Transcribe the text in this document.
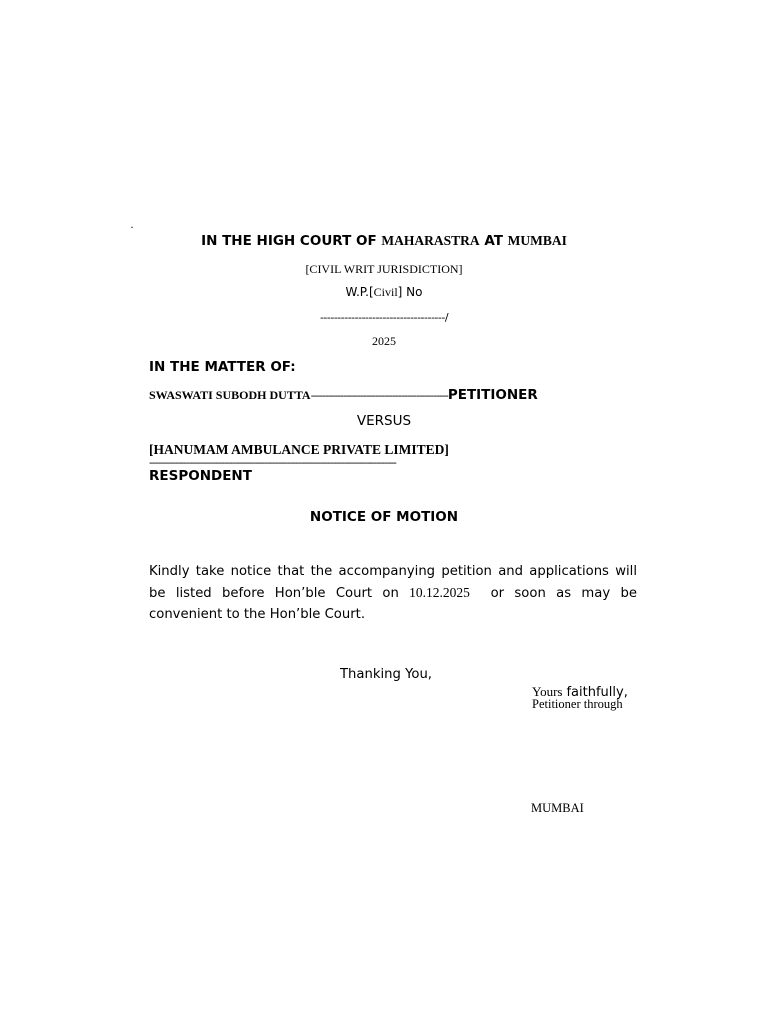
·
IN THE HIGH COURT OF MAHARASTRA AT MUMBAI
[CIVIL WRIT JURISDICTION]
W.P.[Civil] No
------------------------------------/
2025
IN THE MATTER OF:
SWASWATI SUBODH DUTTA-----------------------------------------------PETITIONER
VERSUS
[HANUMAM AMBULANCE PRIVATE LIMITED]
--------------------------------------------------------------------------------------
RESPONDENT
NOTICE OF MOTION
Kindly take notice that the accompanying petition and applications will be listed before Hon’ble Court on 10.12.2025  or soon as may be convenient to the Hon’ble Court.
Thanking You,
Yours faithfully,
Petitioner through
MUMBAI
